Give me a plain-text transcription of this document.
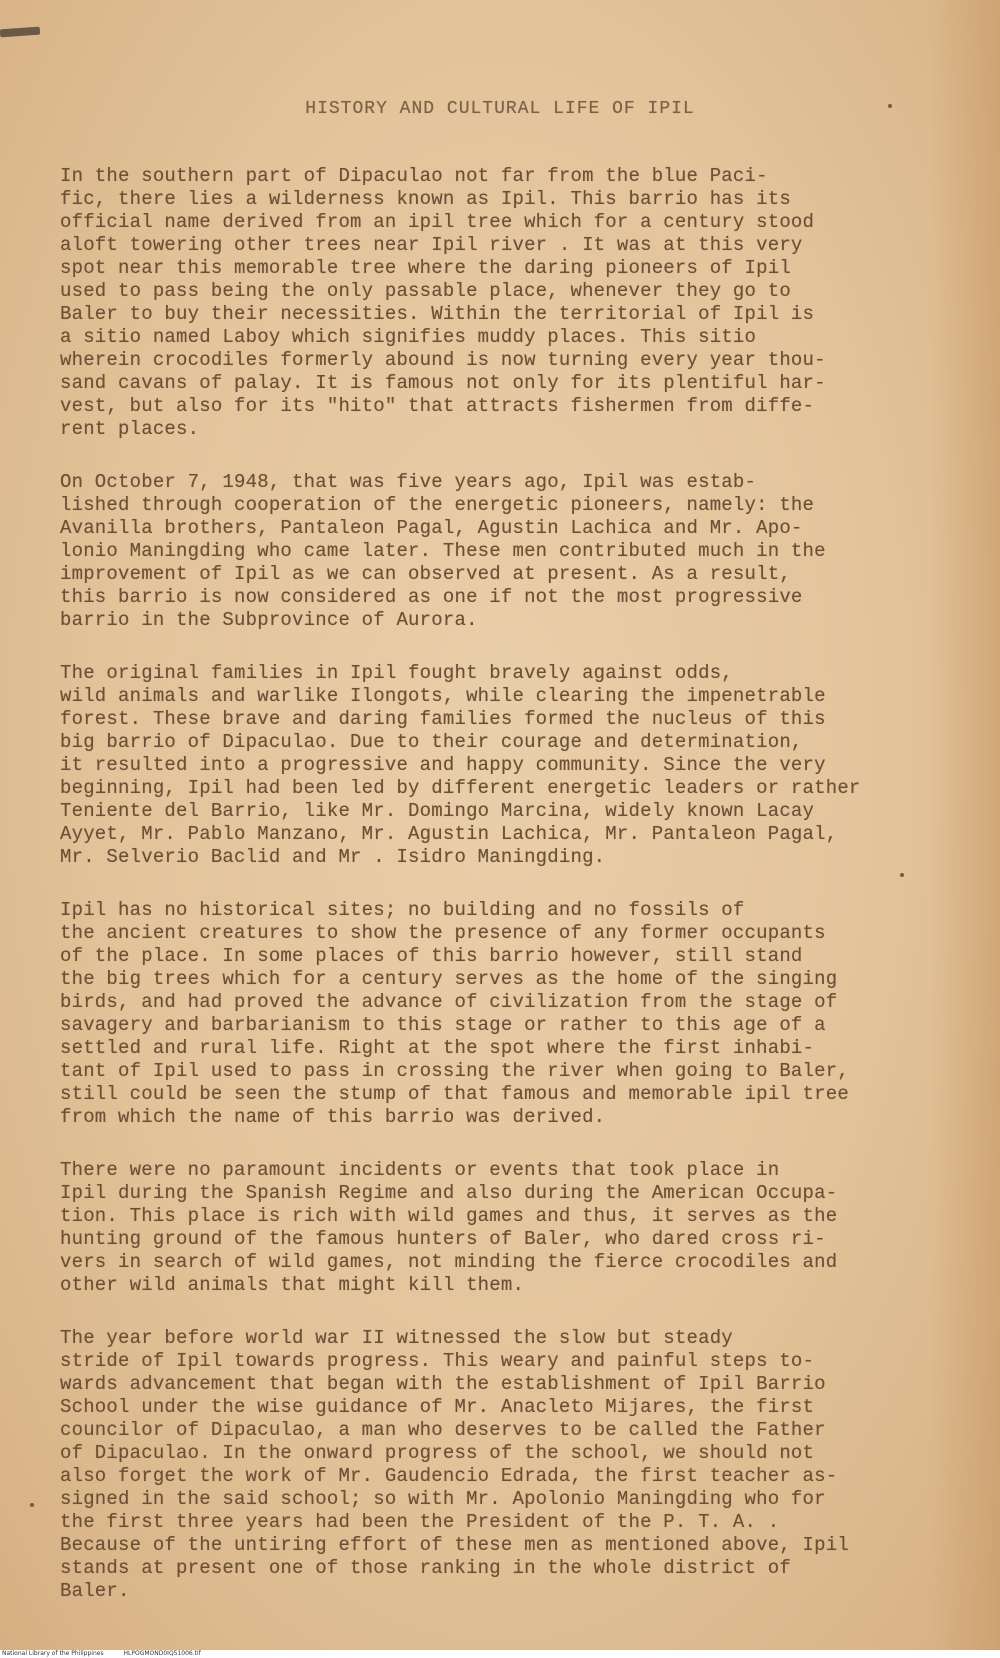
HISTORY AND CULTURAL LIFE OF IPIL

In the southern part of Dipaculao not far from the blue Paci-
fic, there lies a wilderness known as Ipil. This barrio has its
official name derived from an ipil tree which for a century stood
aloft towering other trees near Ipil river . It was at this very
spot near this memorable tree where the daring pioneers of Ipil
used to pass being the only passable place, whenever they go to
Baler to buy their necessities. Within the territorial of Ipil is
a sitio named Laboy which signifies muddy places. This sitio
wherein crocodiles formerly abound is now turning every year thou-
sand cavans of palay. It is famous not only for its plentiful har-
vest, but also for its "hito" that attracts fishermen from diffe-
rent places.

On October 7, 1948, that was five years ago, Ipil was estab-
lished through cooperation of the energetic pioneers, namely: the
Avanilla brothers, Pantaleon Pagal, Agustin Lachica and Mr. Apo-
lonio Maningding who came later. These men contributed much in the
improvement of Ipil as we can observed at present. As a result,
this barrio is now considered as one if not the most progressive
barrio in the Subprovince of Aurora.

The original families in Ipil fought bravely against odds,
wild animals and warlike Ilongots, while clearing the impenetrable
forest. These brave and daring families formed the nucleus of this
big barrio of Dipaculao. Due to their courage and determination,
it resulted into a progressive and happy community. Since the very
beginning, Ipil had been led by different energetic leaders or rather
Teniente del Barrio, like Mr. Domingo Marcina, widely known Lacay
Ayyet, Mr. Pablo Manzano, Mr. Agustin Lachica, Mr. Pantaleon Pagal,
Mr. Selverio Baclid and Mr . Isidro Maningding.

Ipil has no historical sites; no building and no fossils of
the ancient creatures to show the presence of any former occupants
of the place. In some places of this barrio however, still stand
the big trees which for a century serves as the home of the singing
birds, and had proved the advance of civilization from the stage of
savagery and barbarianism to this stage or rather to this age of a
settled and rural life. Right at the spot where the first inhabi-
tant of Ipil used to pass in crossing the river when going to Baler,
still could be seen the stump of that famous and memorable ipil tree
from which the name of this barrio was derived.

There were no paramount incidents or events that took place in
Ipil during the Spanish Regime and also during the American Occupa-
tion. This place is rich with wild games and thus, it serves as the
hunting ground of the famous hunters of Baler, who dared cross ri-
vers in search of wild games, not minding the fierce crocodiles and
other wild animals that might kill them.

The year before world war II witnessed the slow but steady
stride of Ipil towards progress. This weary and painful steps to-
wards advancement that began with the establishment of Ipil Barrio
School under the wise guidance of Mr. Anacleto Mijares, the first
councilor of Dipaculao, a man who deserves to be called the Father
of Dipaculao. In the onward progress of the school, we should not
also forget the work of Mr. Gaudencio Edrada, the first teacher as-
signed in the said school; so with Mr. Apolonio Maningding who for
the first three years had been the President of the P. T. A. .
Because of the untiring effort of these men as mentioned above, Ipil
stands at present one of those ranking in the whole district of
Baler.

National Library of the Philippines	HLPOGMOND0IQ51006.tif
